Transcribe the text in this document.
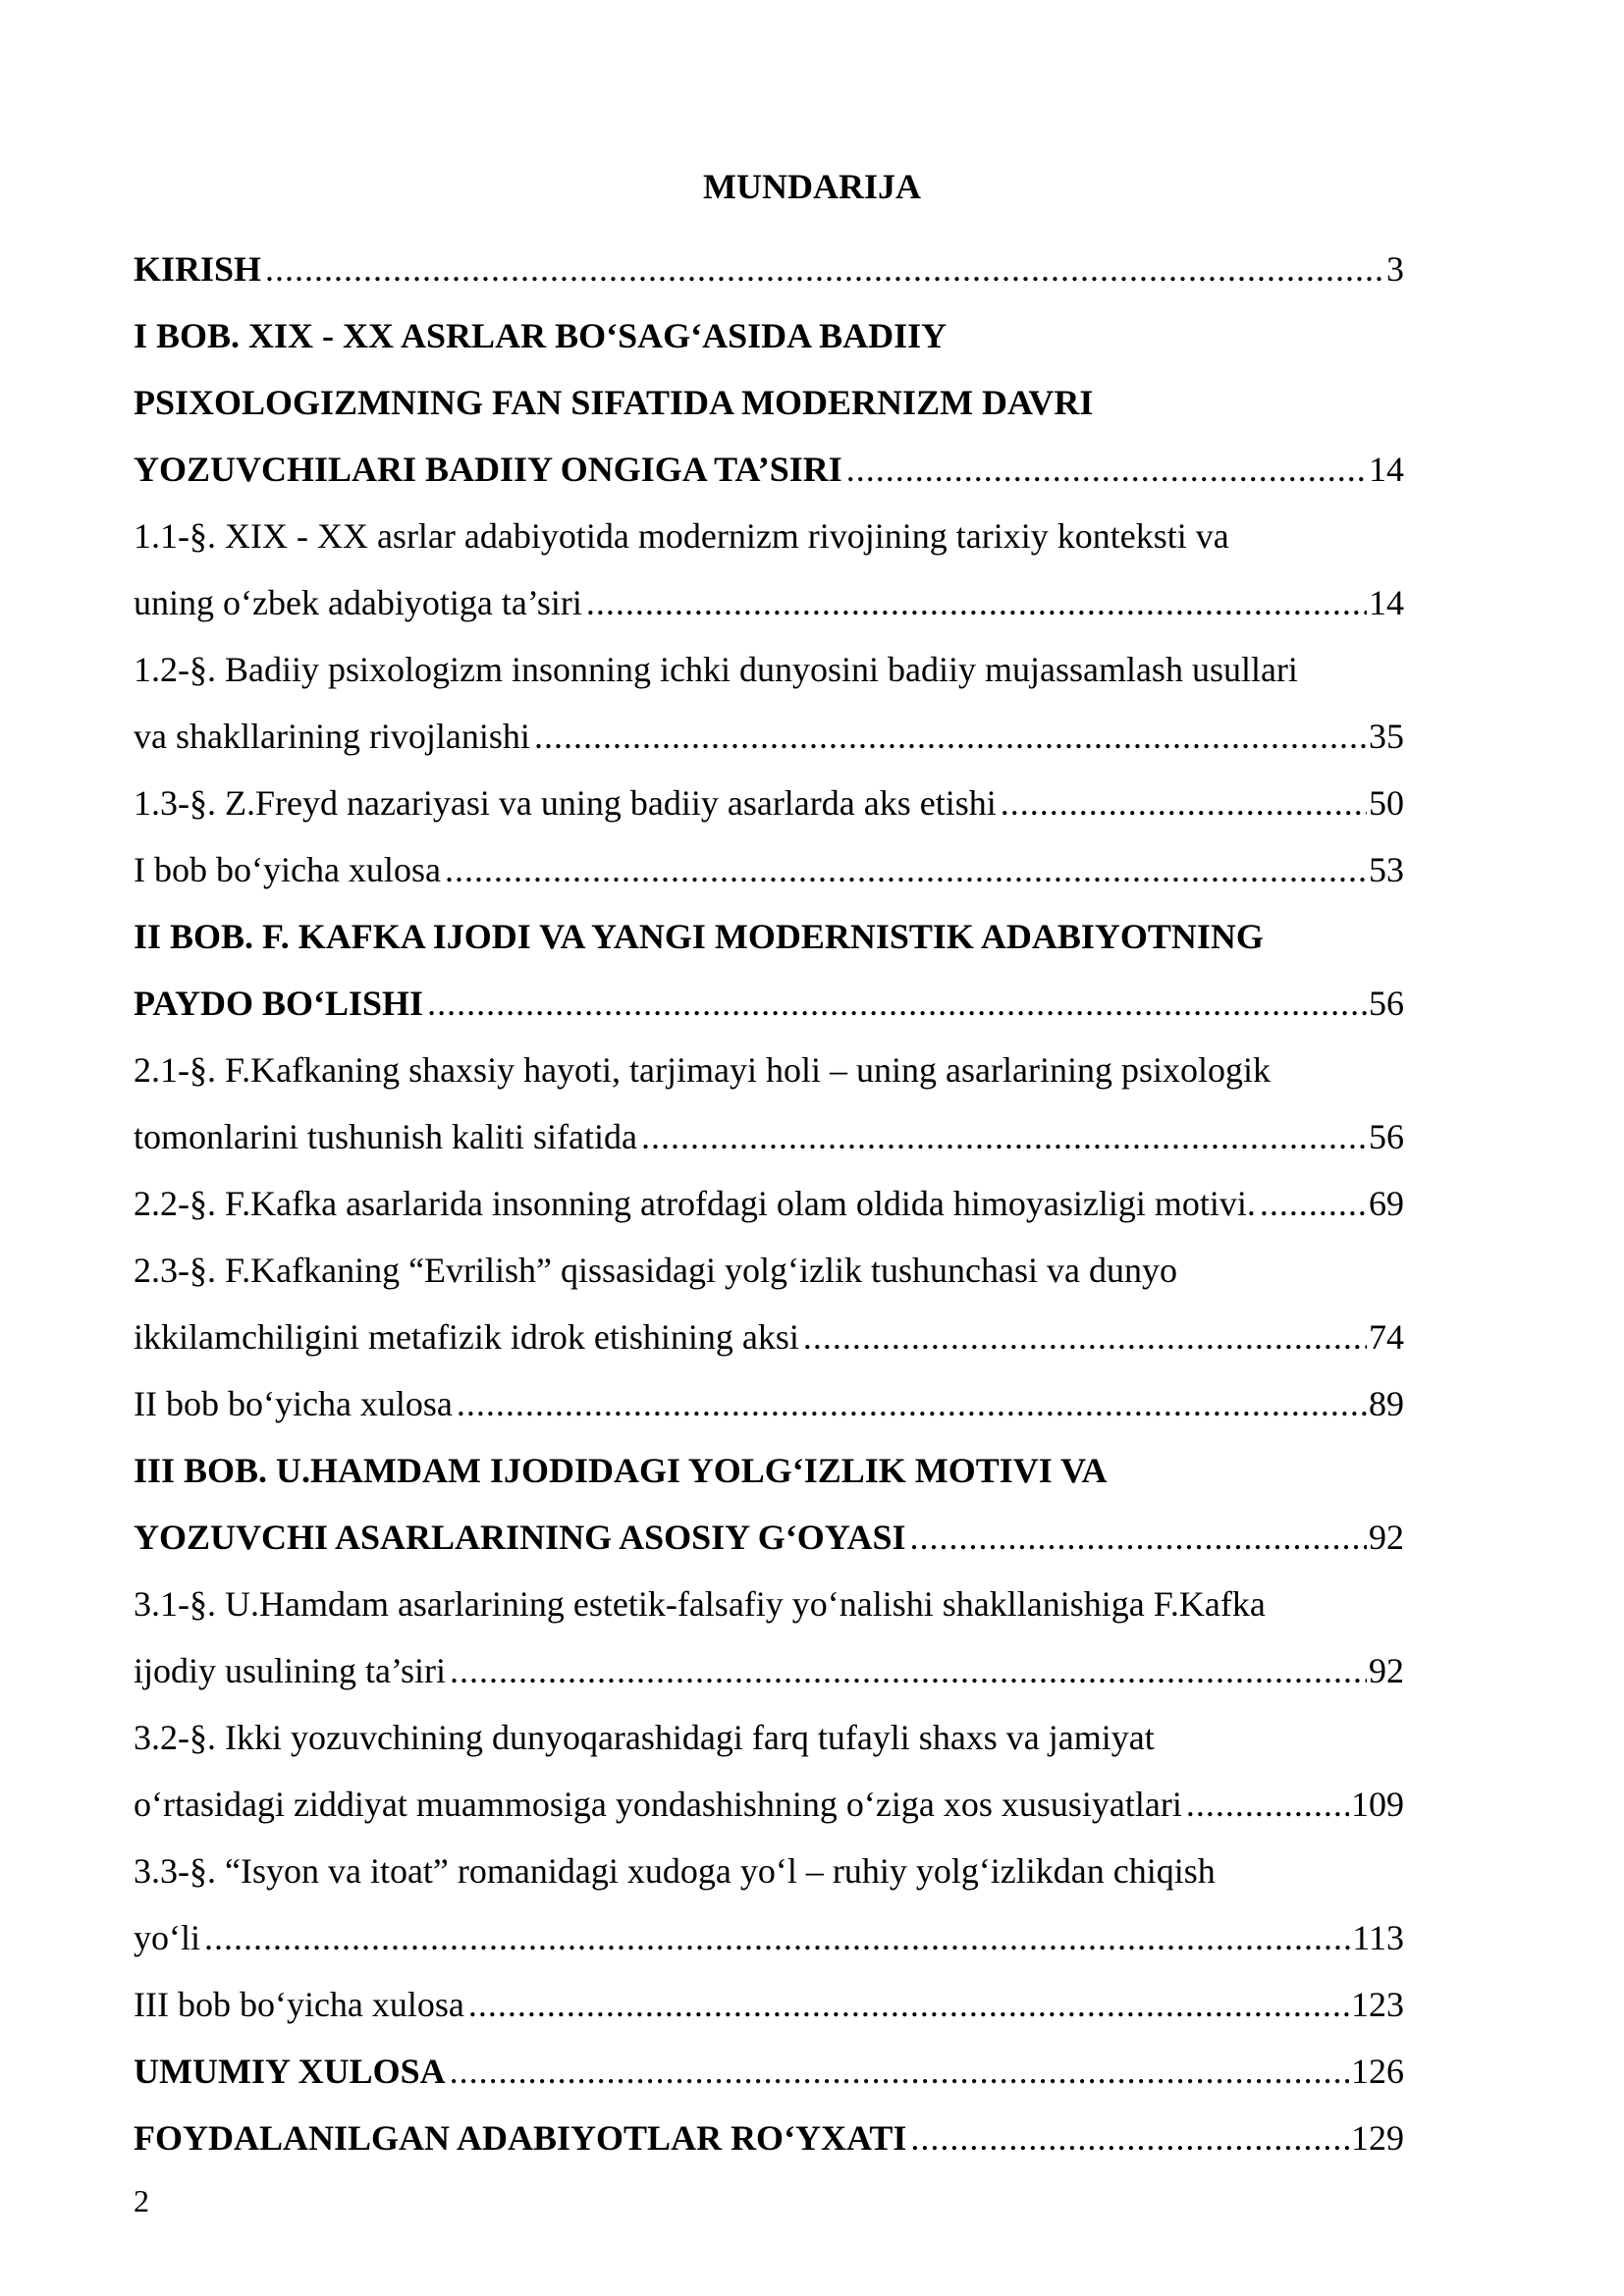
MUNDARIJA
KIRISH . . .	3
I BOB. XIX - XX ASRLAR BO‘SAG‘ASIDA BADIIY
PSIXOLOGIZMNING FAN SIFATIDA MODERNIZM DAVRI
YOZUVCHILARI BADIIY ONGIGA TA’SIRI . . .	14
1.1-§. XIX - XX asrlar adabiyotida modernizm rivojining tarixiy konteksti va
uning o‘zbek adabiyotiga ta’siri . . .	14
1.2-§. Badiiy psixologizm insonning ichki dunyosini badiiy mujassamlash usullari
va shakllarining rivojlanishi . . .	35
1.3-§. Z.Freyd nazariyasi va uning badiiy asarlarda aks etishi . . .	50
I bob bo‘yicha xulosa . . .	53
II BOB. F. KAFKA IJODI VA YANGI MODERNISTIK ADABIYOTNING
PAYDO BO‘LISHI . . .	56
2.1-§. F.Kafkaning shaxsiy hayoti, tarjimayi holi – uning asarlarining psixologik
tomonlarini tushunish kaliti sifatida . . .	56
2.2-§. F.Kafka asarlarida insonning atrofdagi olam oldida himoyasizligi motivi. . . .	69
2.3-§. F.Kafkaning “Evrilish” qissasidagi yolg‘izlik tushunchasi va dunyo
ikkilamchiligini metafizik idrok etishining aksi . . .	74
II bob bo‘yicha xulosa . . .	89
III BOB. U.HAMDAM IJODIDAGI YOLG‘IZLIK MOTIVI VA
YOZUVCHI ASARLARINING ASOSIY G‘OYASI . . .	92
3.1-§. U.Hamdam asarlarining estetik-falsafiy yo‘nalishi shakllanishiga F.Kafka
ijodiy usulining ta’siri . . .	92
3.2-§. Ikki yozuvchining dunyoqarashidagi farq tufayli shaxs va jamiyat
o‘rtasidagi ziddiyat muammosiga yondashishning o‘ziga xos xususiyatlari . . .	109
3.3-§. “Isyon va itoat” romanidagi xudoga yo‘l – ruhiy yolg‘izlikdan chiqish
yo‘li . . .	113
III bob bo‘yicha xulosa . . .	123
UMUMIY XULOSA . . .	126
FOYDALANILGAN ADABIYOTLAR RO‘YXATI . . .	129
2
